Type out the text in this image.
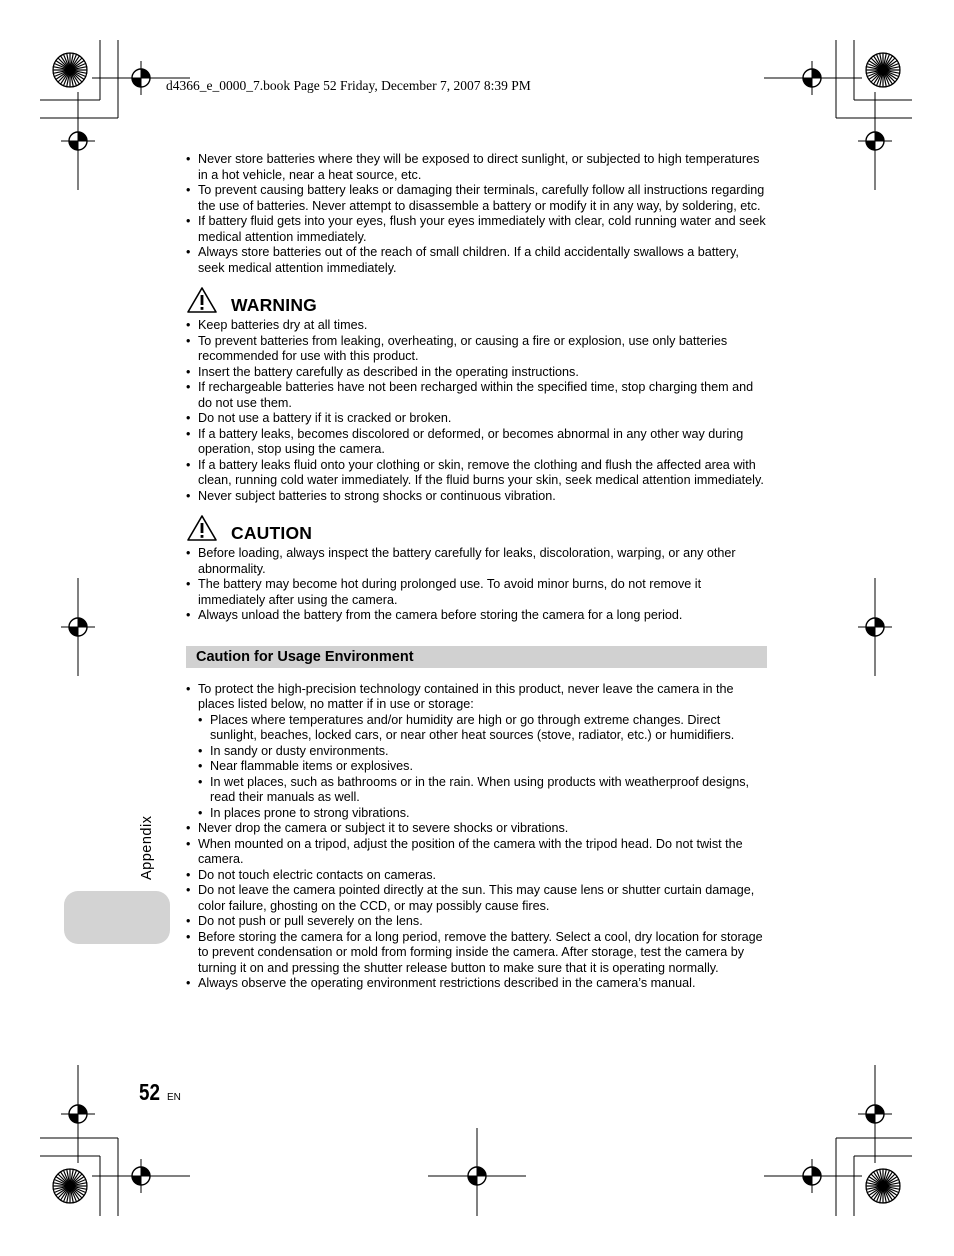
d4366_e_0000_7.book Page 52 Friday, December 7, 2007 8:39 PM
• Never store batteries where they will be exposed to direct sunlight, or subjected to high temperatures in a hot vehicle, near a heat source, etc.
• To prevent causing battery leaks or damaging their terminals, carefully follow all instructions regarding the use of batteries. Never attempt to disassemble a battery or modify it in any way, by soldering, etc.
• If battery fluid gets into your eyes, flush your eyes immediately with clear, cold running water and seek medical attention immediately.
• Always store batteries out of the reach of small children. If a child accidentally swallows a battery, seek medical attention immediately.
WARNING
• Keep batteries dry at all times.
• To prevent batteries from leaking, overheating, or causing a fire or explosion, use only batteries recommended for use with this product.
• Insert the battery carefully as described in the operating instructions.
• If rechargeable batteries have not been recharged within the specified time, stop charging them and do not use them.
• Do not use a battery if it is cracked or broken.
• If a battery leaks, becomes discolored or deformed, or becomes abnormal in any other way during operation, stop using the camera.
• If a battery leaks fluid onto your clothing or skin, remove the clothing and flush the affected area with clean, running cold water immediately. If the fluid burns your skin, seek medical attention immediately.
• Never subject batteries to strong shocks or continuous vibration.
CAUTION
• Before loading, always inspect the battery carefully for leaks, discoloration, warping, or any other abnormality.
• The battery may become hot during prolonged use. To avoid minor burns, do not remove it immediately after using the camera.
• Always unload the battery from the camera before storing the camera for a long period.
Caution for Usage Environment
• To protect the high-precision technology contained in this product, never leave the camera in the places listed below, no matter if in use or storage:
• Places where temperatures and/or humidity are high or go through extreme changes. Direct sunlight, beaches, locked cars, or near other heat sources (stove, radiator, etc.) or humidifiers.
• In sandy or dusty environments.
• Near flammable items or explosives.
• In wet places, such as bathrooms or in the rain. When using products with weatherproof designs, read their manuals as well.
• In places prone to strong vibrations.
• Never drop the camera or subject it to severe shocks or vibrations.
• When mounted on a tripod, adjust the position of the camera with the tripod head. Do not twist the camera.
• Do not touch electric contacts on cameras.
• Do not leave the camera pointed directly at the sun. This may cause lens or shutter curtain damage, color failure, ghosting on the CCD, or may possibly cause fires.
• Do not push or pull severely on the lens.
• Before storing the camera for a long period, remove the battery. Select a cool, dry location for storage to prevent condensation or mold from forming inside the camera. After storage, test the camera by turning it on and pressing the shutter release button to make sure that it is operating normally.
• Always observe the operating environment restrictions described in the camera’s manual.
Appendix
52 EN
